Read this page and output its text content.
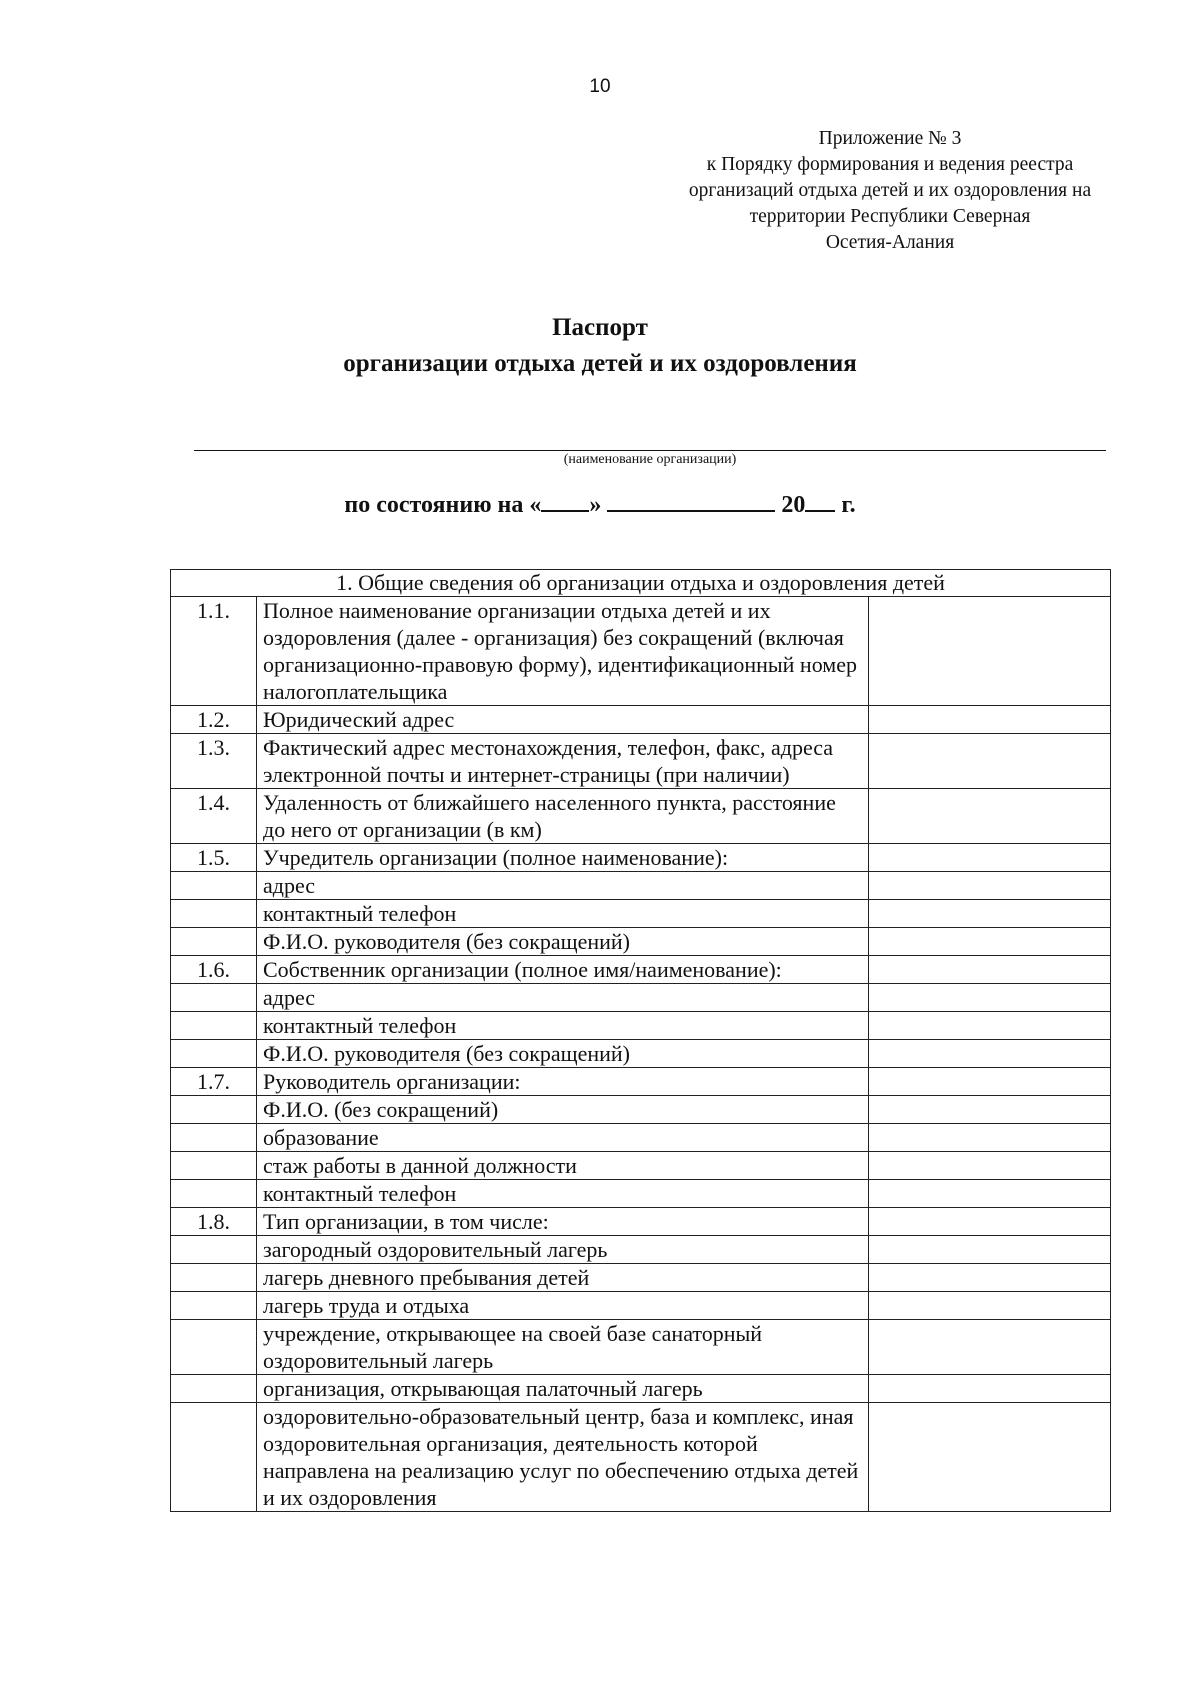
10
Приложение № 3
к Порядку формирования и ведения реестра
организаций отдыха детей и их оздоровления на
территории Республики Северная
Осетия-Алания
Паспорт
организации отдыха детей и их оздоровления
(наименование организации)
по состоянию на « »	20 г.
1. Общие сведения об организации отдыха и оздоровления детей		
1.1.	Полное наименование организации отдыха детей и их оздоровления (далее - организация) без сокращений (включая организационно-правовую форму), идентификационный номер налогоплательщика	
1.2.	Юридический адрес	
1.3.	Фактический адрес местонахождения, телефон, факс, адреса электронной почты и интернет-страницы (при наличии)	
1.4.	Удаленность от ближайшего населенного пункта, расстояние до него от организации (в км)	
1.5.	Учредитель организации (полное наименование):	
	адрес	
	контактный телефон	
	Ф.И.О. руководителя (без сокращений)	
1.6.	Собственник организации (полное имя/наименование):	
	адрес	
	контактный телефон	
	Ф.И.О. руководителя (без сокращений)	
1.7.	Руководитель организации:	
	Ф.И.О. (без сокращений)	
	образование	
	стаж работы в данной должности	
	контактный телефон	
1.8.	Тип организации, в том числе:	
	загородный оздоровительный лагерь	
	лагерь дневного пребывания детей	
	лагерь труда и отдыха	
	учреждение, открывающее на своей базе санаторный оздоровительный лагерь	
	организация, открывающая палаточный лагерь	
	оздоровительно-образовательный центр, база и комплекс, иная оздоровительная организация, деятельность которой направлена на реализацию услуг по обеспечению отдыха детей и их оздоровления	
